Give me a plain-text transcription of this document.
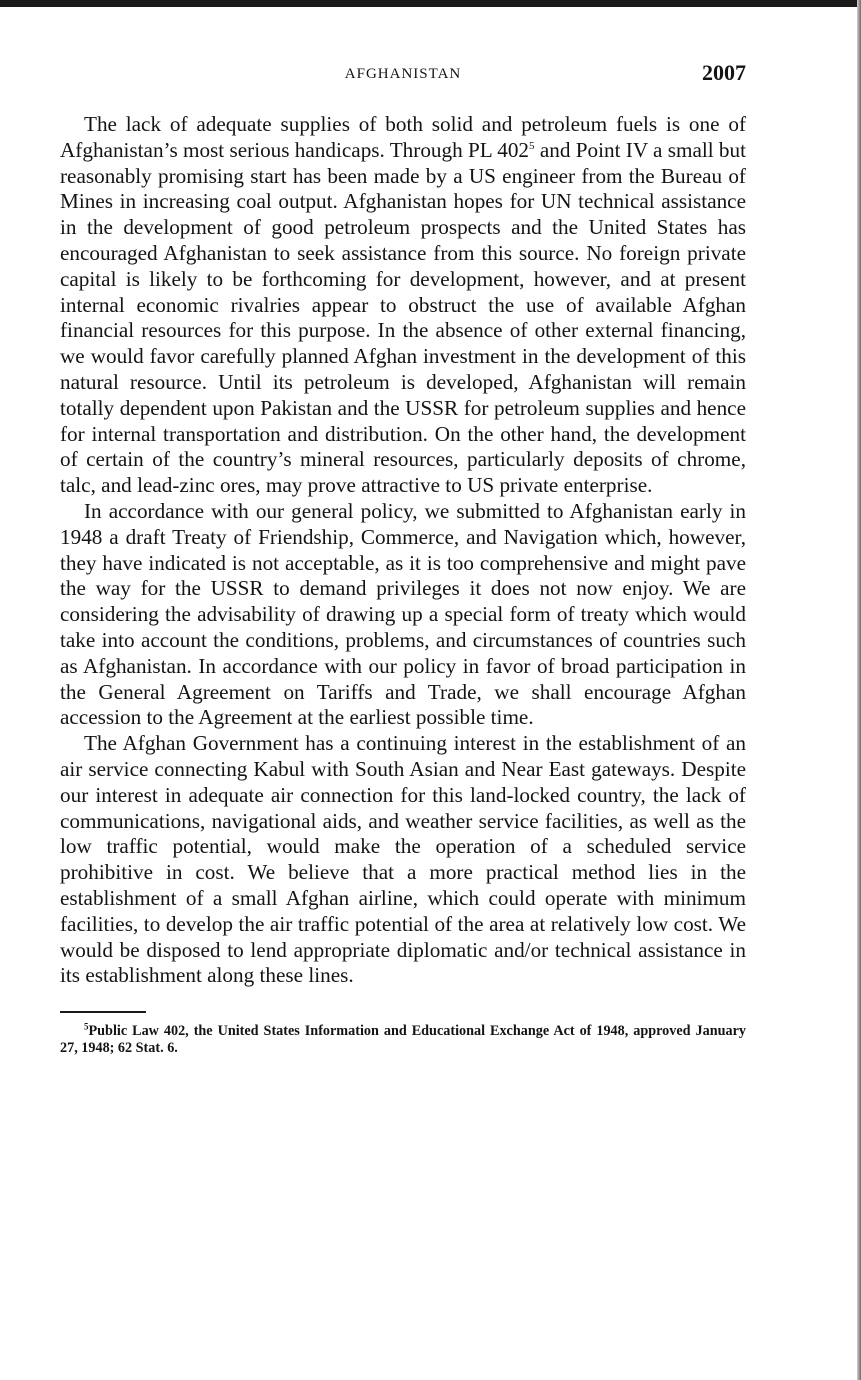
AFGHANISTAN	2007

The lack of adequate supplies of both solid and petroleum fuels is one of Afghanistan’s most serious handicaps. Through PL 402$^5$ and Point IV a small but reasonably promising start has been made by a US engineer from the Bureau of Mines in increasing coal output. Afghanistan hopes for UN technical assistance in the development of good petroleum prospects and the United States has encouraged Afghanistan to seek assistance from this source. No foreign private capital is likely to be forthcoming for development, however, and at present internal economic rivalries appear to obstruct the use of available Afghan financial resources for this purpose. In the absence of other external financing, we would favor carefully planned Afghan investment in the development of this natural resource. Until its petroleum is developed, Afghanistan will remain totally dependent upon Pakistan and the USSR for petroleum supplies and hence for internal transportation and distribution. On the other hand, the development of certain of the country’s mineral resources, particularly deposits of chrome, talc, and lead-zinc ores, may prove attractive to US private enterprise.

In accordance with our general policy, we submitted to Afghanistan early in 1948 a draft Treaty of Friendship, Commerce, and Navigation which, however, they have indicated is not acceptable, as it is too comprehensive and might pave the way for the USSR to demand privileges it does not now enjoy. We are considering the advisability of drawing up a special form of treaty which would take into account the conditions, problems, and circumstances of countries such as Afghanistan. In accordance with our policy in favor of broad participation in the General Agreement on Tariffs and Trade, we shall encourage Afghan accession to the Agreement at the earliest possible time.

The Afghan Government has a continuing interest in the establishment of an air service connecting Kabul with South Asian and Near East gateways. Despite our interest in adequate air connection for this land-locked country, the lack of communications, navigational aids, and weather service facilities, as well as the low traffic potential, would make the operation of a scheduled service prohibitive in cost. We believe that a more practical method lies in the establishment of a small Afghan airline, which could operate with minimum facilities, to develop the air traffic potential of the area at relatively low cost. We would be disposed to lend appropriate diplomatic and/or technical assistance in its establishment along these lines.

$^5$Public Law 402, the United States Information and Educational Exchange Act of 1948, approved January 27, 1948; 62 Stat. 6.
